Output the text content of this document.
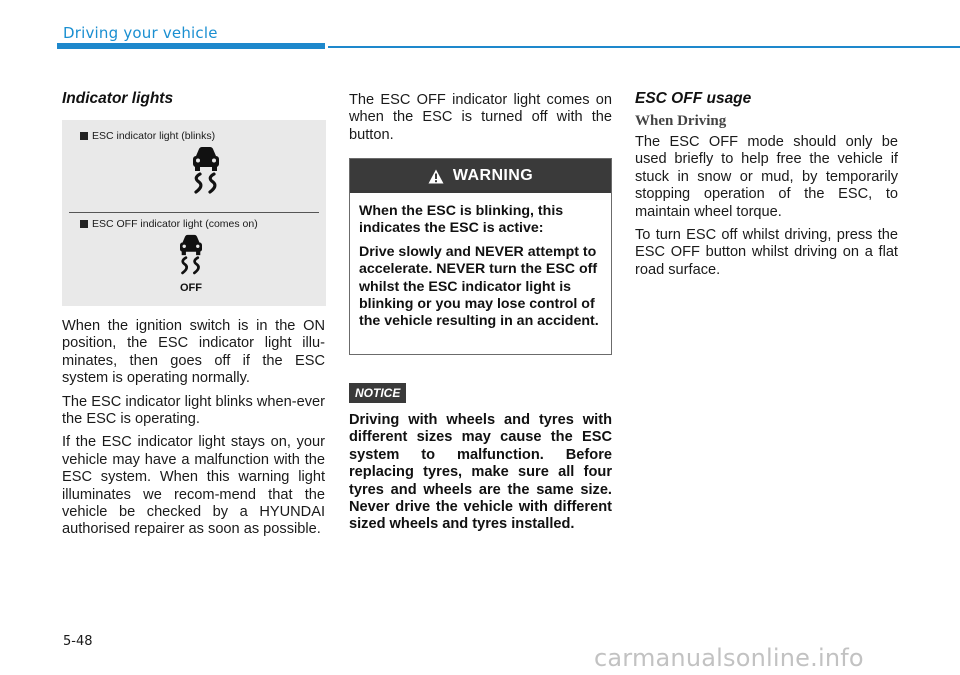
Driving your vehicle
Indicator lights
ESC indicator light (blinks)
ESC OFF indicator light (comes on)
OFF

When the ignition switch is in the ON position, the ESC indicator light illu-minates, then goes off if the ESC system is operating normally.

The ESC indicator light blinks when-ever the ESC is operating.

If the ESC indicator light stays on, your vehicle may have a malfunction with the ESC system. When this warning light illuminates we recom-mend that the vehicle be checked by a HYUNDAI authorised repairer as soon as possible.

The ESC OFF indicator light comes on when the ESC is turned off with the button.

WARNING

When the ESC is blinking, this indicates the ESC is active:

Drive slowly and NEVER attempt to accelerate. NEVER turn the ESC off whilst the ESC indicator light is blinking or you may lose control of the vehicle resulting in an accident.

NOTICE

Driving with wheels and tyres with different sizes may cause the ESC system to malfunction. Before replacing tyres, make sure all four tyres and wheels are the same size. Never drive the vehicle with different sized wheels and tyres installed.

ESC OFF usage
When Driving

The ESC OFF mode should only be used briefly to help free the vehicle if stuck in snow or mud, by temporarily stopping operation of the ESC, to maintain wheel torque.

To turn ESC off whilst driving, press the ESC OFF button whilst driving on a flat road surface.

5-48
carmanualsonline.info
